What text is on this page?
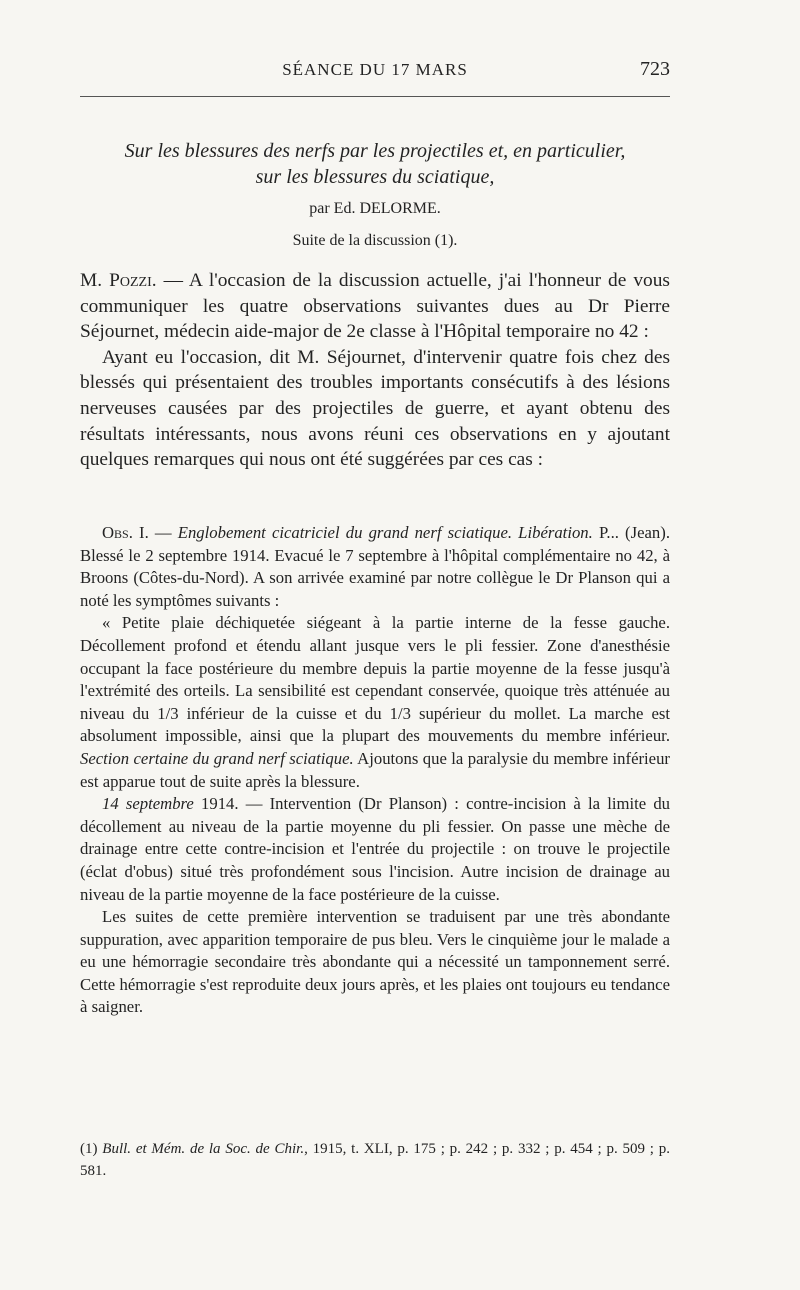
SÉANCE DU 17 MARS	723
Sur les blessures des nerfs par les projectiles et, en particulier,
sur les blessures du sciatique,
par Ed. DELORME.
Suite de la discussion (1).

M. Pozzi. — A l'occasion de la discussion actuelle, j'ai l'honneur de vous communiquer les quatre observations suivantes dues au Dr Pierre Séjournet, médecin aide-major de 2e classe à l'Hôpital temporaire no 42 :

Ayant eu l'occasion, dit M. Séjournet, d'intervenir quatre fois chez des blessés qui présentaient des troubles importants consécutifs à des lésions nerveuses causées par des projectiles de guerre, et ayant obtenu des résultats intéressants, nous avons réuni ces observations en y ajoutant quelques remarques qui nous ont été suggérées par ces cas :

Obs. I. — Englobement cicatriciel du grand nerf sciatique. Libération. P... (Jean). Blessé le 2 septembre 1914. Evacué le 7 septembre à l'hôpital complémentaire no 42, à Broons (Côtes-du-Nord). A son arrivée examiné par notre collègue le Dr Planson qui a noté les symptômes suivants :

« Petite plaie déchiquetée siégeant à la partie interne de la fesse gauche. Décollement profond et étendu allant jusque vers le pli fessier. Zone d'anesthésie occupant la face postérieure du membre depuis la partie moyenne de la fesse jusqu'à l'extrémité des orteils. La sensibilité est cependant conservée, quoique très atténuée au niveau du 1/3 inférieur de la cuisse et du 1/3 supérieur du mollet. La marche est absolument impossible, ainsi que la plupart des mouvements du membre inférieur. Section certaine du grand nerf sciatique. Ajoutons que la paralysie du membre inférieur est apparue tout de suite après la blessure.

14 septembre 1914. — Intervention (Dr Planson) : contre-incision à la limite du décollement au niveau de la partie moyenne du pli fessier. On passe une mèche de drainage entre cette contre-incision et l'entrée du projectile : on trouve le projectile (éclat d'obus) situé très profondément sous l'incision. Autre incision de drainage au niveau de la partie moyenne de la face postérieure de la cuisse.

Les suites de cette première intervention se traduisent par une très abondante suppuration, avec apparition temporaire de pus bleu. Vers le cinquième jour le malade a eu une hémorragie secondaire très abondante qui a nécessité un tamponnement serré. Cette hémorragie s'est reproduite deux jours après, et les plaies ont toujours eu tendance à saigner.

(1) Bull. et Mém. de la Soc. de Chir., 1915, t. XLI, p. 175 ; p. 242 ; p. 332 ; p. 454 ; p. 509 ; p. 581.
